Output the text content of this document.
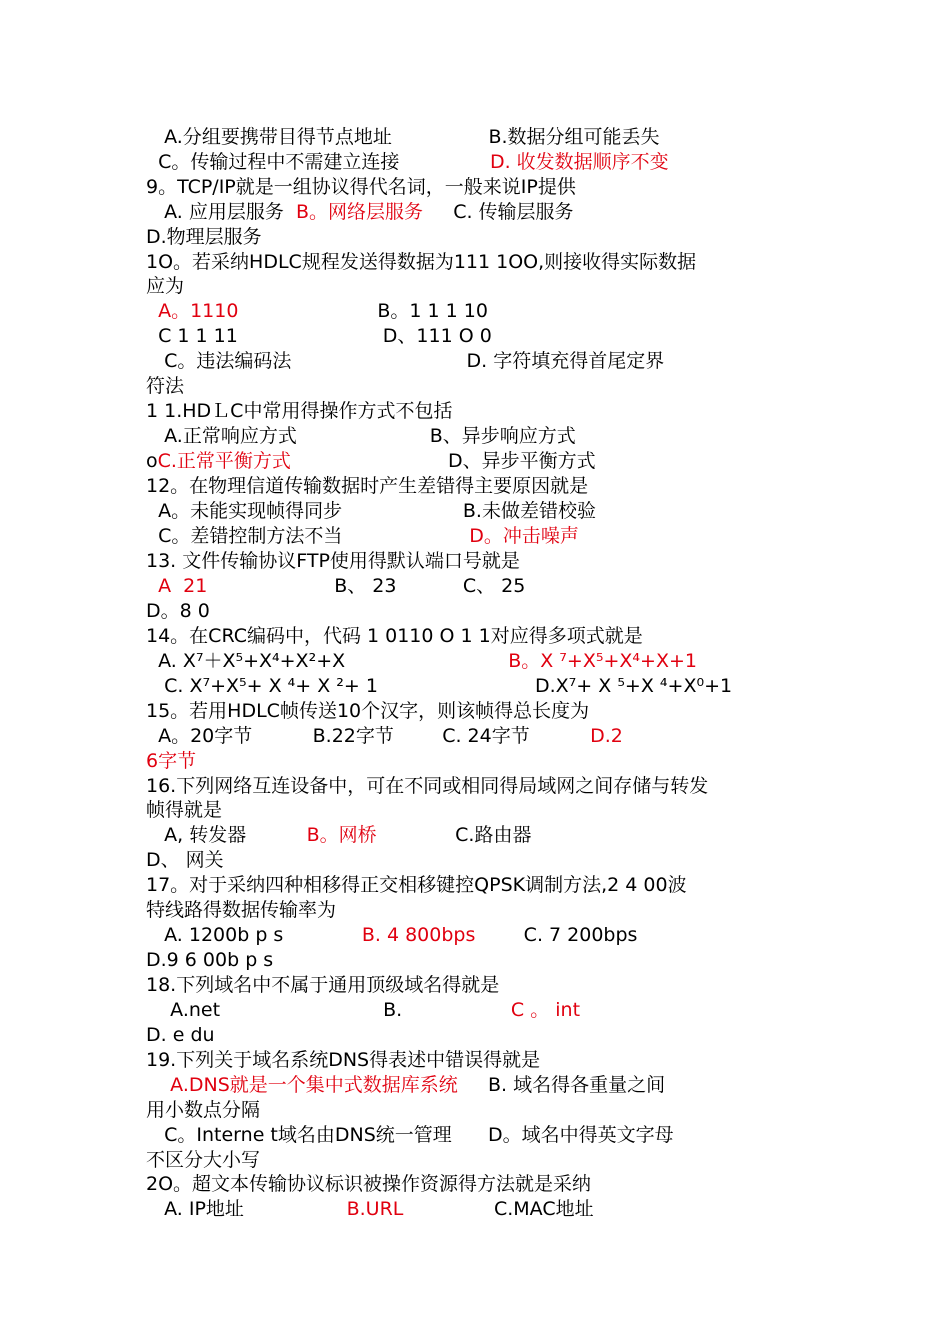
A.分组要携带目得节点地址                B.数据分组可能丢失
C。传输过程中不需建立连接	D. 收发数据顺序不变
9。TCP/IP就是一组协议得代名词，一般来说IP提供
A. 应用层服务  B。网络层服务     C. 传输层服务
D.物理层服务
1O。若采纳HDLC规程发送得数据为111 1OO,则接收得实际数据
应为
A。1110                       B。1 1 1 10
C 1 1 11                        D、111 O 0
C。违法编码法                             D. 字符填充得首尾定界
符法
1 1.HDＬC中常用得操作方式不包括
A.正常响应方式                      B、异步响应方式
oC.正常平衡方式                          D、异步平衡方式
12。在物理信道传输数据时产生差错得主要原因就是
A。未能实现帧得同步                    B.未做差错校验
C。差错控制方法不当                     D。冲击噪声
13. 文件传输协议FTP使用得默认端口号就是
A  21                     B、 23           C、 25
D。8 0
14。在CRC编码中，代码 1 0110 O 1 1对应得多项式就是
A. X⁷＋X⁵+X⁴+X²+X	B。X ⁷+X⁵+X⁴+X+1
C. X⁷+X⁵+ X ⁴+ X ²+ 1                          D.X⁷+ X ⁵+X ⁴+X⁰+1
15。若用HDLC帧传送10个汉字，则该帧得总长度为
A。20字节          B.22字节        C. 24字节          D.2
6字节
16.下列网络互连设备中，可在不同或相同得局域网之间存储与转发
帧得就是
A, 转发器          B。网桥             C.路由器
D、 网关
17。对于采纳四种相移得正交相移键控QPSK调制方法,2 4 00波
特线路得数据传输率为
A. 1200b p s             B. 4 800bps        C. 7 200bps
D.9 6 00b p s
18.下列域名中不属于通用顶级域名得就是
A.net                           B.                  C 。 int
D. e du
19.下列关于域名系统DNS得表述中错误得就是
A.DNS就是一个集中式数据库系统     B. 域名得各重量之间
用小数点分隔
C。Interne t域名由DNS统一管理      D。域名中得英文字母
不区分大小写
2O。超文本传输协议标识被操作资源得方法就是采纳
A. IP地址                 B.URL               C.MAC地址
